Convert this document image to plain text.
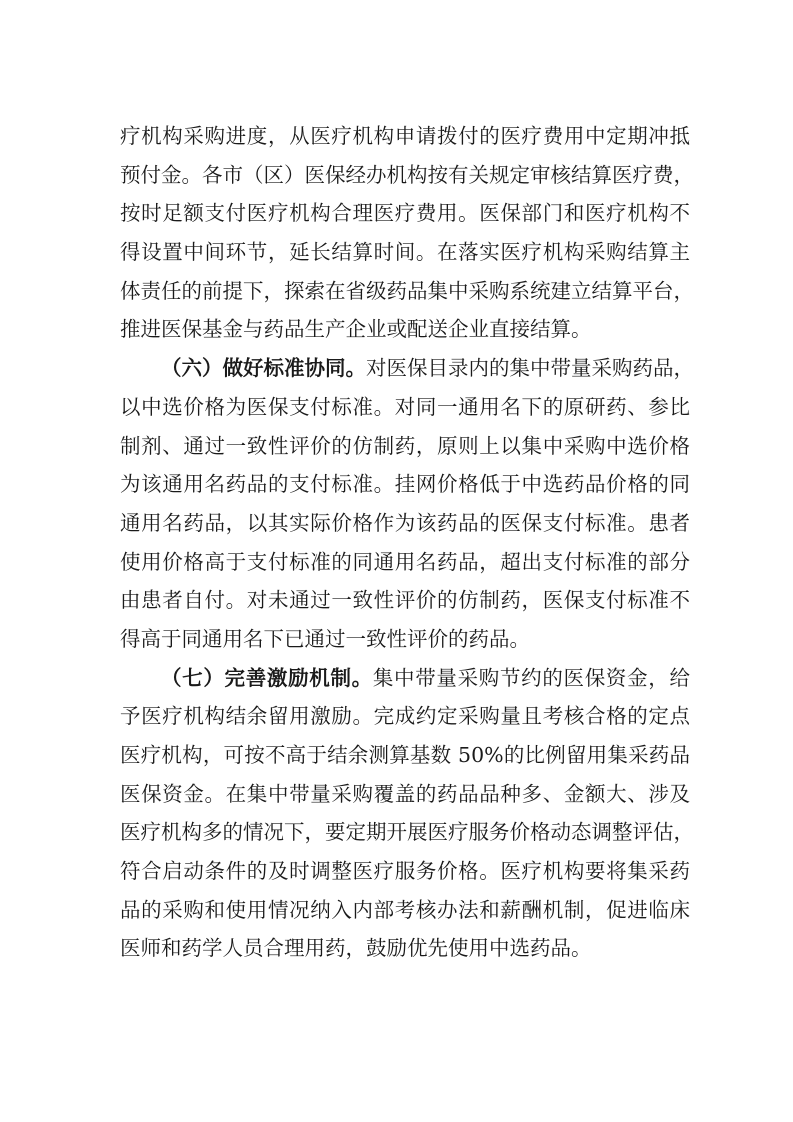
疗机构采购进度，从医疗机构申请拨付的医疗费用中定期冲抵
预付金。各市（区）医保经办机构按有关规定审核结算医疗费，
按时足额支付医疗机构合理医疗费用。医保部门和医疗机构不
得设置中间环节，延长结算时间。在落实医疗机构采购结算主
体责任的前提下，探索在省级药品集中采购系统建立结算平台，
推进医保基金与药品生产企业或配送企业直接结算。
（六）做好标准协同。对医保目录内的集中带量采购药品，
以中选价格为医保支付标准。对同一通用名下的原研药、参比
制剂、通过一致性评价的仿制药，原则上以集中采购中选价格
为该通用名药品的支付标准。挂网价格低于中选药品价格的同
通用名药品，以其实际价格作为该药品的医保支付标准。患者
使用价格高于支付标准的同通用名药品，超出支付标准的部分
由患者自付。对未通过一致性评价的仿制药，医保支付标准不
得高于同通用名下已通过一致性评价的药品。
（七）完善激励机制。集中带量采购节约的医保资金，给
予医疗机构结余留用激励。完成约定采购量且考核合格的定点
医疗机构，可按不高于结余测算基数 50%的比例留用集采药品
医保资金。在集中带量采购覆盖的药品品种多、金额大、涉及
医疗机构多的情况下，要定期开展医疗服务价格动态调整评估，
符合启动条件的及时调整医疗服务价格。医疗机构要将集采药
品的采购和使用情况纳入内部考核办法和薪酬机制，促进临床
医师和药学人员合理用药，鼓励优先使用中选药品。
